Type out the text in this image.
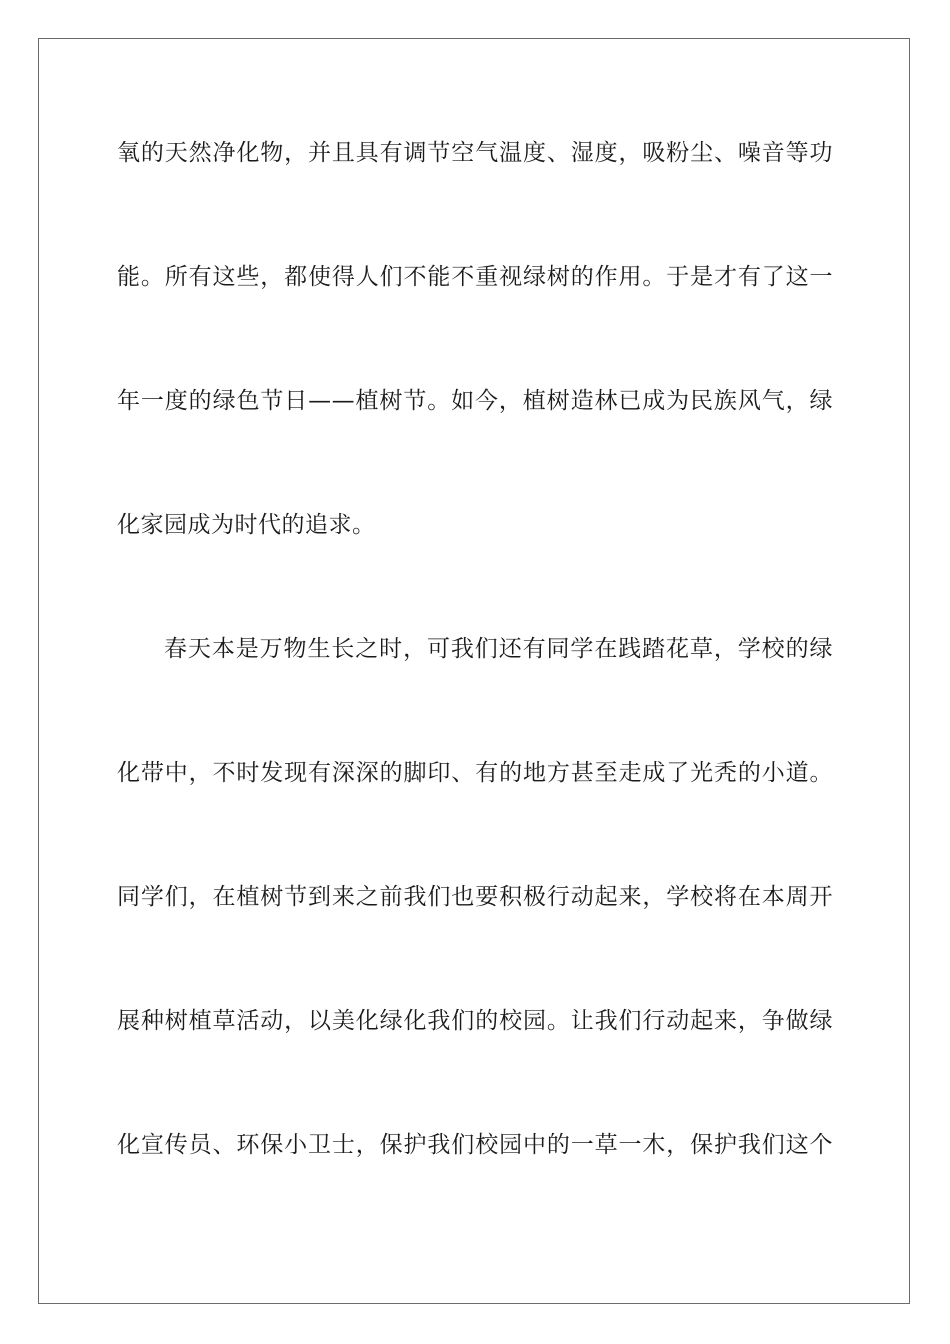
氧的天然净化物，并且具有调节空气温度、湿度，吸粉尘、噪音等功

能。所有这些，都使得人们不能不重视绿树的作用。于是才有了这一

年一度的绿色节日——植树节。如今，植树造林已成为民族风气，绿

化家园成为时代的追求。

春天本是万物生长之时，可我们还有同学在践踏花草，学校的绿

化带中，不时发现有深深的脚印、有的地方甚至走成了光秃的小道。

同学们，在植树节到来之前我们也要积极行动起来，学校将在本周开

展种树植草活动，以美化绿化我们的校园。让我们行动起来，争做绿

化宣传员、环保小卫士，保护我们校园中的一草一木，保护我们这个
